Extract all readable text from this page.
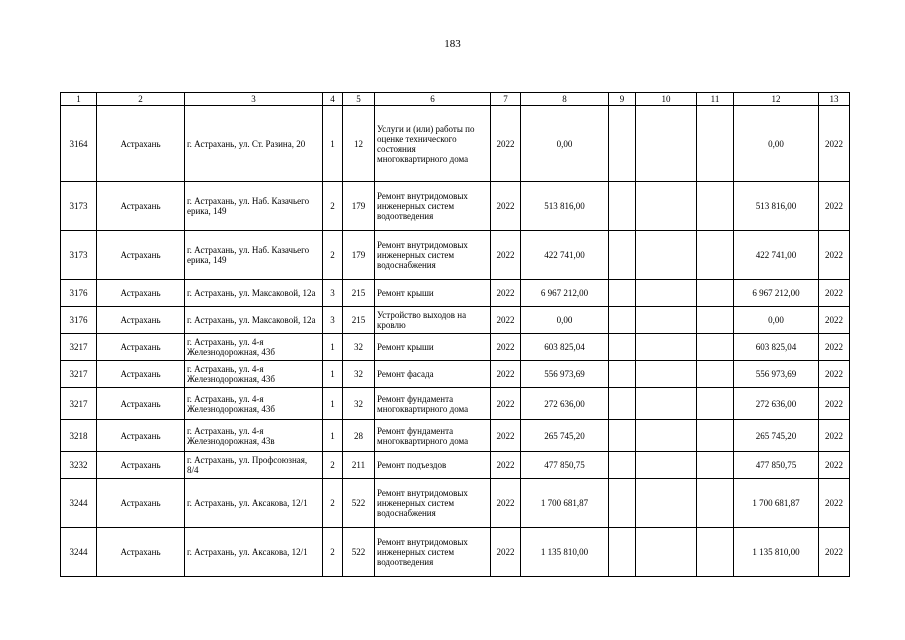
183
1	2	3	4	5	6	7	8	9	10	11	12	13
3164	Астрахань	г. Астрахань, ул. Ст. Разина, 20	1	12	Услуги и (или) работы по оценке технического состояния многоквартирного дома	2022	0,00				0,00	2022
3173	Астрахань	г. Астрахань, ул. Наб. Казачьего ерика, 149	2	179	Ремонт внутридомовых инженерных систем водоотведения	2022	513 816,00				513 816,00	2022
3173	Астрахань	г. Астрахань, ул. Наб. Казачьего ерика, 149	2	179	Ремонт внутридомовых инженерных систем водоснабжения	2022	422 741,00				422 741,00	2022
3176	Астрахань	г. Астрахань, ул. Максаковой, 12а	3	215	Ремонт крыши	2022	6 967 212,00				6 967 212,00	2022
3176	Астрахань	г. Астрахань, ул. Максаковой, 12а	3	215	Устройство выходов на кровлю	2022	0,00				0,00	2022
3217	Астрахань	г. Астрахань, ул. 4-я Железнодорожная, 43б	1	32	Ремонт крыши	2022	603 825,04				603 825,04	2022
3217	Астрахань	г. Астрахань, ул. 4-я Железнодорожная, 43б	1	32	Ремонт фасада	2022	556 973,69				556 973,69	2022
3217	Астрахань	г. Астрахань, ул. 4-я Железнодорожная, 43б	1	32	Ремонт фундамента многоквартирного дома	2022	272 636,00				272 636,00	2022
3218	Астрахань	г. Астрахань, ул. 4-я Железнодорожная, 43в	1	28	Ремонт фундамента многоквартирного дома	2022	265 745,20				265 745,20	2022
3232	Астрахань	г. Астрахань, ул. Профсоюзная, 8/4	2	211	Ремонт подъездов	2022	477 850,75				477 850,75	2022
3244	Астрахань	г. Астрахань, ул. Аксакова, 12/1	2	522	Ремонт внутридомовых инженерных систем водоснабжения	2022	1 700 681,87				1 700 681,87	2022
3244	Астрахань	г. Астрахань, ул. Аксакова, 12/1	2	522	Ремонт внутридомовых инженерных систем водоотведения	2022	1 135 810,00				1 135 810,00	2022
